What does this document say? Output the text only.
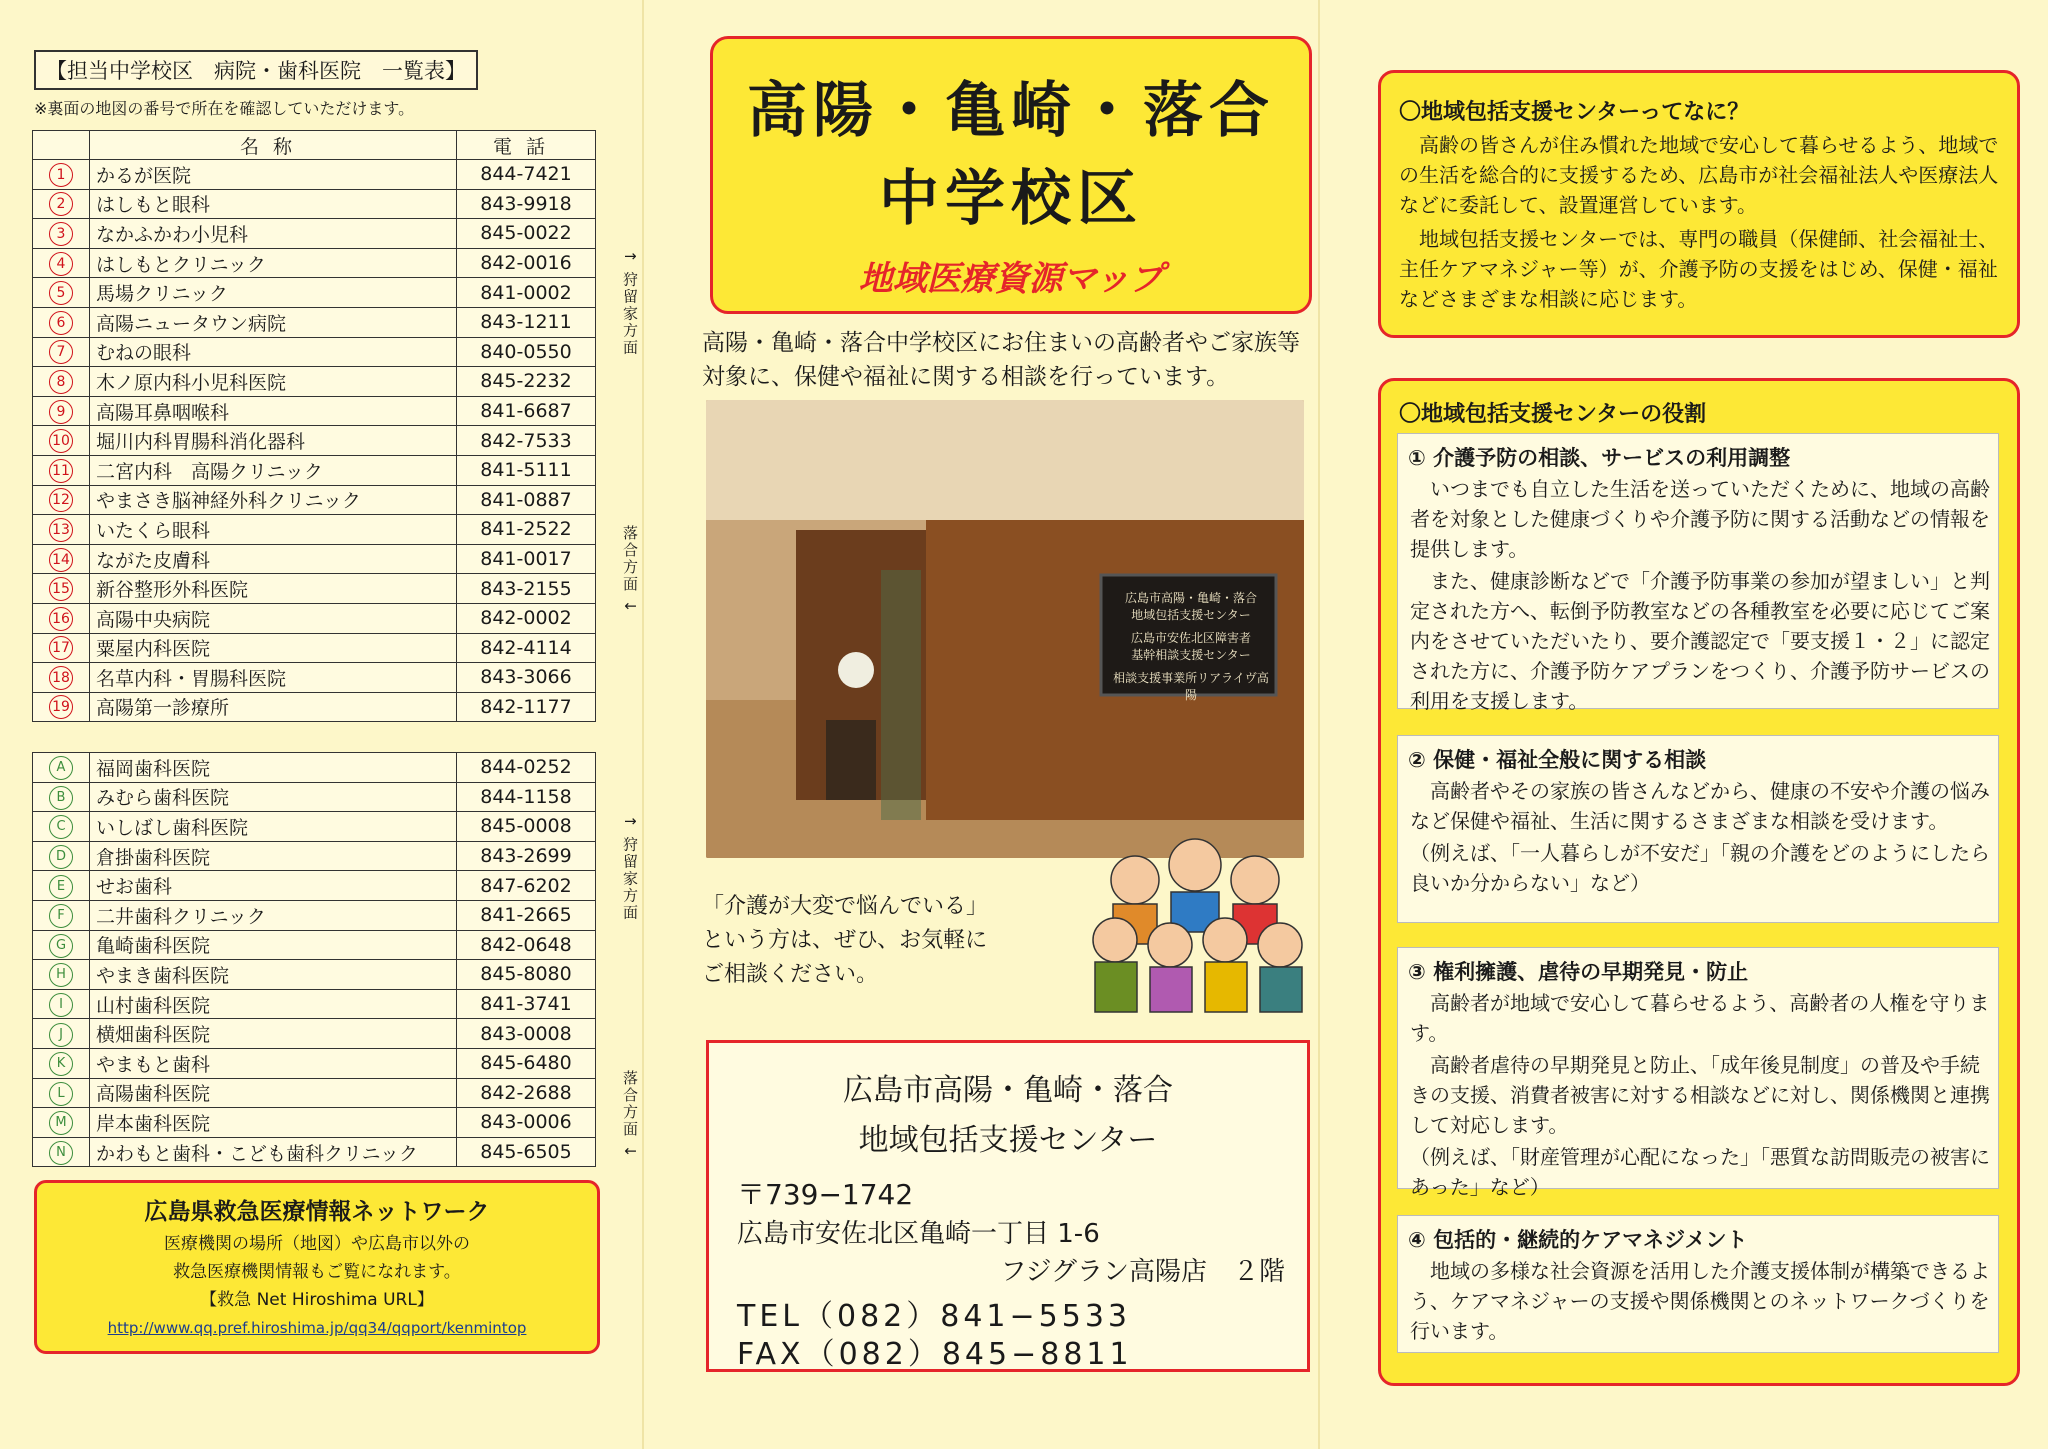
【担当中学校区　病院・歯科医院　一覧表】
※裏面の地図の番号で所在を確認していただけます。
	名称	電話
1	かるが医院	844-7421
2	はしもと眼科	843-9918
3	なかふかわ小児科	845-0022
4	はしもとクリニック	842-0016
5	馬場クリニック	841-0002
6	高陽ニュータウン病院	843-1211
7	むねの眼科	840-0550
8	木ノ原内科小児科医院	845-2232
9	高陽耳鼻咽喉科	841-6687
10	堀川内科胃腸科消化器科	842-7533
11	二宮内科　高陽クリニック	841-5111
12	やまさき脳神経外科クリニック	841-0887
13	いたくら眼科	841-2522
14	ながた皮膚科	841-0017
15	新谷整形外科医院	843-2155
16	高陽中央病院	842-0002
17	粟屋内科医院	842-4114
18	名草内科・胃腸科医院	843-3066
19	高陽第一診療所	842-1177
A	福岡歯科医院	844-0252
B	みむら歯科医院	844-1158
C	いしばし歯科医院	845-0008
D	倉掛歯科医院	843-2699
E	せお歯科	847-6202
F	二井歯科クリニック	841-2665
G	亀崎歯科医院	842-0648
H	やまき歯科医院	845-8080
I	山村歯科医院	841-3741
J	横畑歯科医院	843-0008
K	やまもと歯科	845-6480
L	高陽歯科医院	842-2688
M	岸本歯科医院	843-0006
N	かわもと歯科・こども歯科クリニック	845-6505
↑ 狩留家方面
落合方面 ↓
↑ 狩留家方面
落合方面 ↓
広島県救急医療情報ネットワーク
医療機関の場所（地図）や広島市以外の
救急医療機関情報もご覧になれます。
【救急 Net Hiroshima URL】
http://www.qq.pref.hiroshima.jp/qq34/qqport/kenmintop
高陽・亀崎・落合
中学校区
地域医療資源マップ
高陽・亀崎・落合中学校区にお住まいの高齢者やご家族等対象に、保健や福祉に関する相談を行っています。
広島市高陽・亀崎・落合
地域包括支援センター
広島市安佐北区障害者
基幹相談支援センター
相談支援事業所リアライヴ高陽
「介護が大変で悩んでいる」
という方は、ぜひ、お気軽に
ご相談ください。
広島市高陽・亀崎・落合
地域包括支援センター
〒739−1742
広島市安佐北区亀崎一丁目 1-6
フジグラン高陽店　２階
TEL（082）841−5533
FAX（082）845−8811
〇地域包括支援センターってなに？

高齢の皆さんが住み慣れた地域で安心して暮らせるよう、地域での生活を総合的に支援するため、広島市が社会福祉法人や医療法人などに委託して、設置運営しています。

地域包括支援センターでは、専門の職員（保健師、社会福祉士、主任ケアマネジャー等）が、介護予防の支援をはじめ、保健・福祉などさまざまな相談に応じます。

〇地域包括支援センターの役割
① 介護予防の相談、サービスの利用調整

いつまでも自立した生活を送っていただくために、地域の高齢者を対象とした健康づくりや介護予防に関する活動などの情報を提供します。

また、健康診断などで「介護予防事業の参加が望ましい」と判定された方へ、転倒予防教室などの各種教室を必要に応じてご案内をさせていただいたり、要介護認定で「要支援１・２」に認定された方に、介護予防ケアプランをつくり、介護予防サービスの利用を支援します。

② 保健・福祉全般に関する相談

高齢者やその家族の皆さんなどから、健康の不安や介護の悩みなど保健や福祉、生活に関するさまざまな相談を受けます。

（例えば、「一人暮らしが不安だ」「親の介護をどのようにしたら良いか分からない」など）

③ 権利擁護、虐待の早期発見・防止

高齢者が地域で安心して暮らせるよう、高齢者の人権を守ります。

高齢者虐待の早期発見と防止、「成年後見制度」の普及や手続きの支援、消費者被害に対する相談などに対し、関係機関と連携して対応します。

（例えば、「財産管理が心配になった」「悪質な訪問販売の被害にあった」など）

④ 包括的・継続的ケアマネジメント

地域の多様な社会資源を活用した介護支援体制が構築できるよう、ケアマネジャーの支援や関係機関とのネットワークづくりを行います。
